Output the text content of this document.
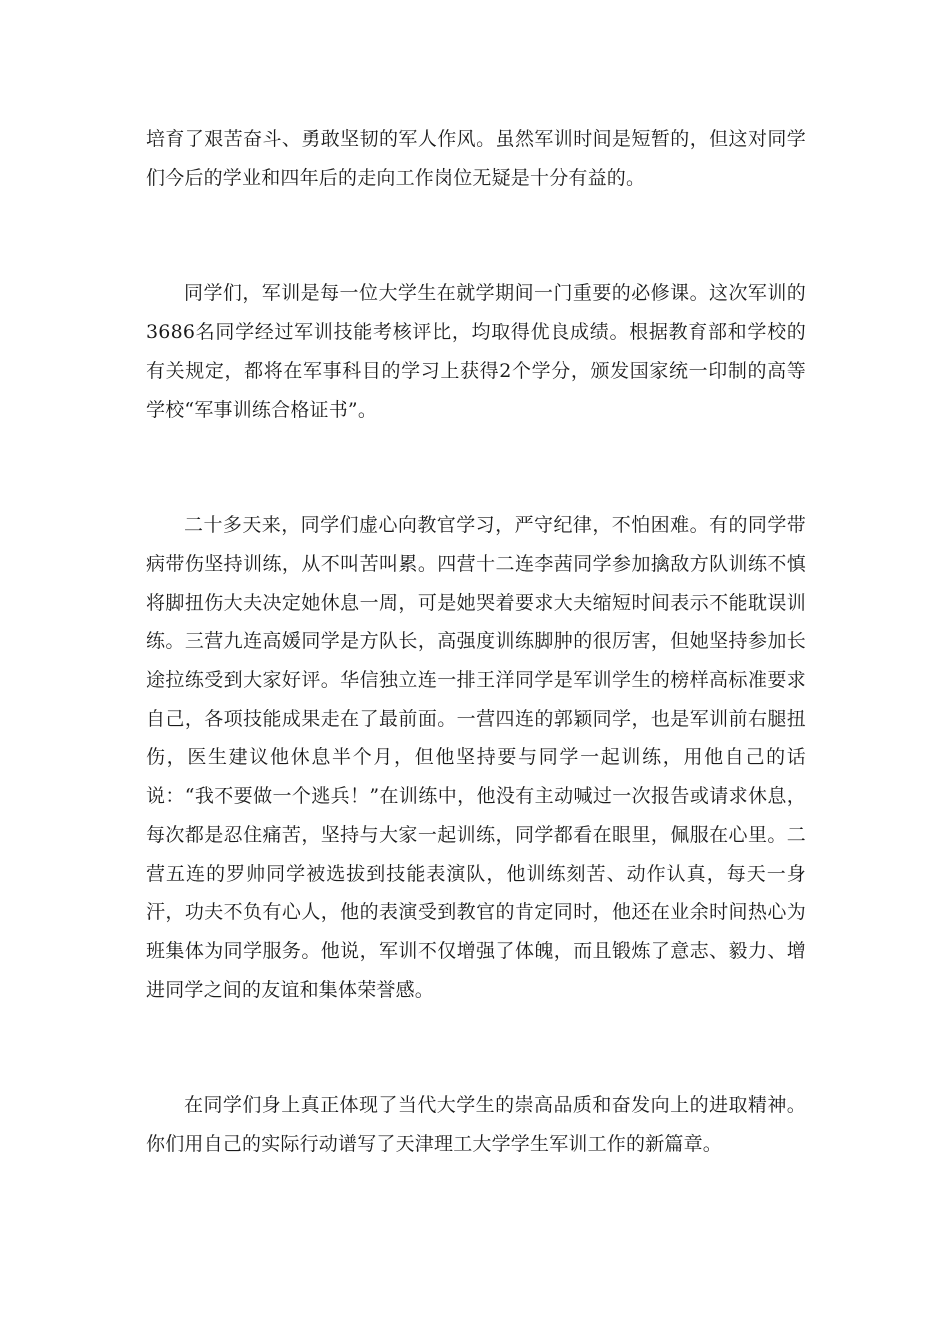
培育了艰苦奋斗、勇敢坚韧的军人作风。虽然军训时间是短暂的，但这对同学们今后的学业和四年后的走向工作岗位无疑是十分有益的。

同学们，军训是每一位大学生在就学期间一门重要的必修课。这次军训的3686名同学经过军训技能考核评比，均取得优良成绩。根据教育部和学校的有关规定，都将在军事科目的学习上获得2个学分，颁发国家统一印制的高等学校“军事训练合格证书”。

二十多天来，同学们虚心向教官学习，严守纪律，不怕困难。有的同学带病带伤坚持训练，从不叫苦叫累。四营十二连李茜同学参加擒敌方队训练不慎将脚扭伤大夫决定她休息一周，可是她哭着要求大夫缩短时间表示不能耽误训练。三营九连高媛同学是方队长，高强度训练脚肿的很厉害，但她坚持参加长途拉练受到大家好评。华信独立连一排王洋同学是军训学生的榜样高标准要求自己，各项技能成果走在了最前面。一营四连的郭颖同学，也是军训前右腿扭伤，医生建议他休息半个月，但他坚持要与同学一起训练，用他自己的话说：“我不要做一个逃兵！”在训练中，他没有主动喊过一次报告或请求休息，每次都是忍住痛苦，坚持与大家一起训练，同学都看在眼里，佩服在心里。二营五连的罗帅同学被选拔到技能表演队，他训练刻苦、动作认真，每天一身汗，功夫不负有心人，他的表演受到教官的肯定同时，他还在业余时间热心为班集体为同学服务。他说，军训不仅增强了体魄，而且锻炼了意志、毅力、增进同学之间的友谊和集体荣誉感。

在同学们身上真正体现了当代大学生的崇高品质和奋发向上的进取精神。你们用自己的实际行动谱写了天津理工大学学生军训工作的新篇章。
